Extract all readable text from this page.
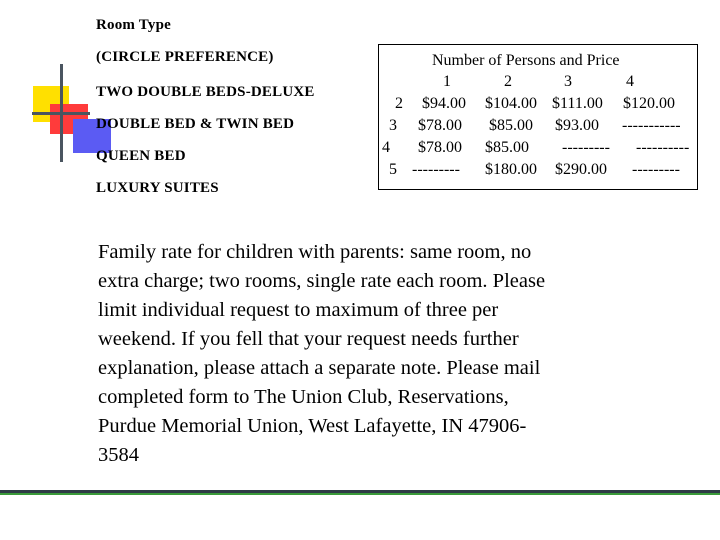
Room Type
(CIRCLE PREFERENCE)
TWO DOUBLE BEDS-DELUXE
DOUBLE BED & TWIN BED
QUEEN BED
LUXURY SUITES
Number of Persons and Price
1	2	3	4
2 $94.00 $104.00 $111.00 $120.00
3 $78.00 $85.00 $93.00 -----------
4 $78.00 $85.00 --------- ----------
5 --------- $180.00 $290.00 ---------
Family rate for children with parents: same room, no
extra charge; two rooms, single rate each room. Please
limit individual request to maximum of three per
weekend. If you fell that your request needs further
explanation, please attach a separate note. Please mail
completed form to The Union Club, Reservations,
Purdue Memorial Union, West Lafayette, IN 47906-
3584
